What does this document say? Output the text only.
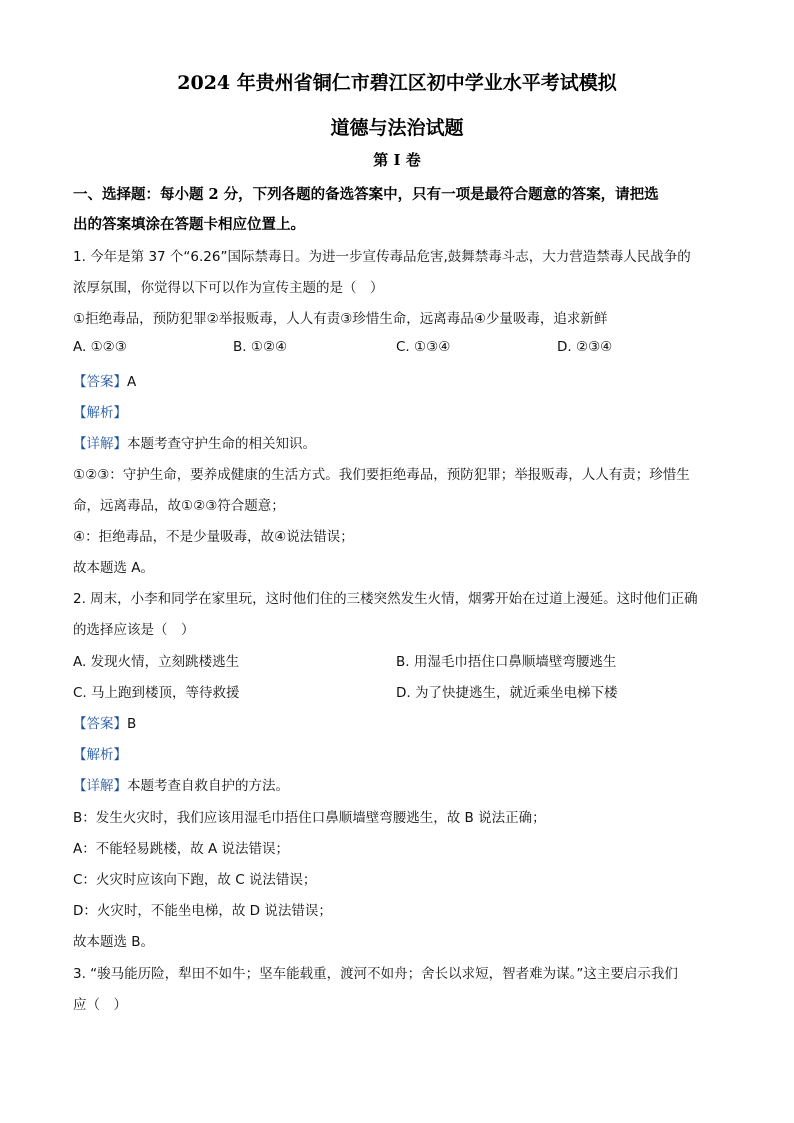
2024 年贵州省铜仁市碧江区初中学业水平考试模拟
道德与法治试题
第 I 卷
一、选择题：每小题 2 分，下列各题的备选答案中，只有一项是最符合题意的答案，请把选
出的答案填涂在答题卡相应位置上。
1. 今年是第 37 个“6.26”国际禁毒日。为进一步宣传毒品危害,鼓舞禁毒斗志，大力营造禁毒人民战争的
浓厚氛围，你觉得以下可以作为宣传主题的是（　）
①拒绝毒品，预防犯罪②举报贩毒，人人有责③珍惜生命，远离毒品④少量吸毒，追求新鲜
A. ①②③	B. ①②④	C. ①③④	D. ②③④
【答案】A
【解析】
【详解】本题考查守护生命的相关知识。
①②③：守护生命，要养成健康的生活方式。我们要拒绝毒品，预防犯罪；举报贩毒，人人有责；珍惜生
命，远离毒品，故①②③符合题意；
④：拒绝毒品，不是少量吸毒，故④说法错误；
故本题选 A。
2. 周末，小李和同学在家里玩，这时他们住的三楼突然发生火情，烟雾开始在过道上漫延。这时他们正确
的选择应该是（　）
A. 发现火情，立刻跳楼逃生	B. 用湿毛巾捂住口鼻顺墙壁弯腰逃生
C. 马上跑到楼顶，等待救援	D. 为了快捷逃生，就近乘坐电梯下楼
【答案】B
【解析】
【详解】本题考查自救自护的方法。
B：发生火灾时，我们应该用湿毛巾捂住口鼻顺墙壁弯腰逃生，故 B 说法正确；
A：不能轻易跳楼，故 A 说法错误；
C：火灾时应该向下跑，故 C 说法错误；
D：火灾时，不能坐电梯，故 D 说法错误；
故本题选 B。
3. “骏马能历险，犁田不如牛；坚车能载重，渡河不如舟；舍长以求短，智者难为谋。”这主要启示我们
应（　）
